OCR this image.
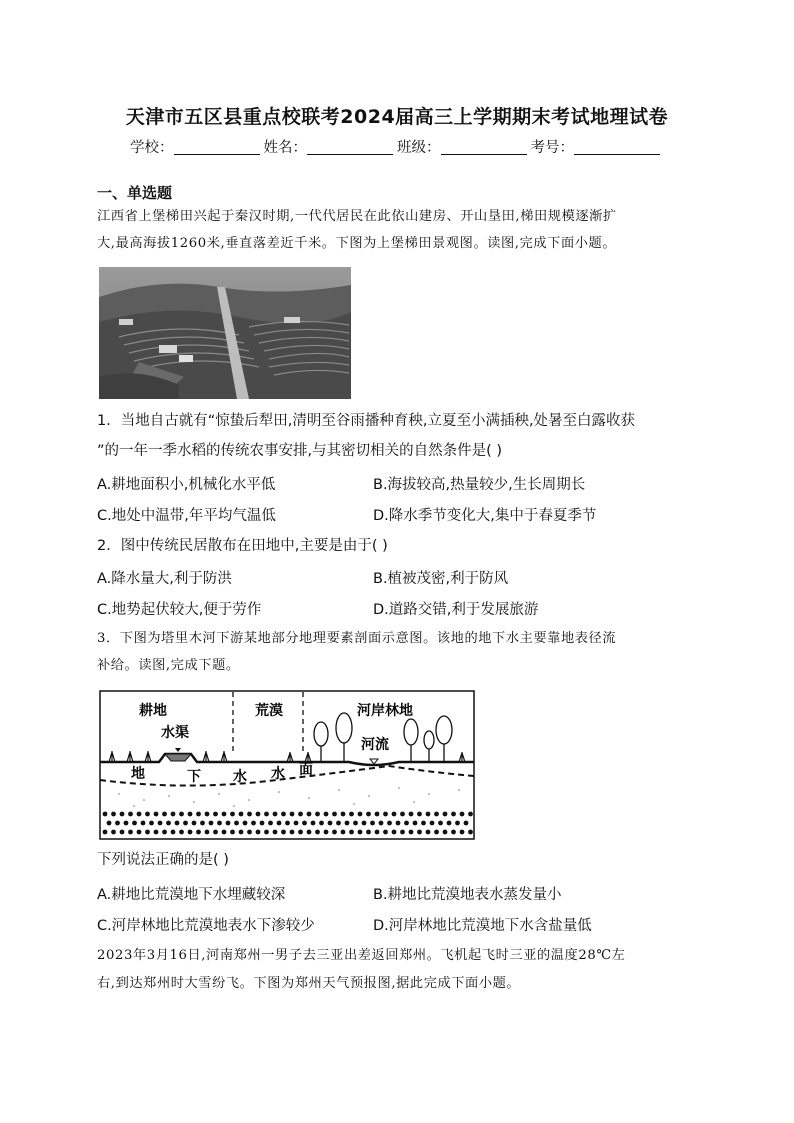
天津市五区县重点校联考2024届高三上学期期末考试地理试卷
学校：	姓名：	班级：	考号：
一、单选题
江西省上堡梯田兴起于秦汉时期,一代代居民在此依山建房、开山垦田,梯田规模逐渐扩
大,最高海拔1260米,垂直落差近千米。下图为上堡梯田景观图。读图,完成下面小题。
1．当地自古就有“惊蛰后犁田,清明至谷雨播种育秧,立夏至小满插秧,处暑至白露收获
”的一年一季水稻的传统农事安排,与其密切相关的自然条件是( )
A.耕地面积小,机械化水平低	B.海拔较高,热量较少,生长周期长
C.地处中温带,年平均气温低	D.降水季节变化大,集中于春夏季节
2．图中传统民居散布在田地中,主要是由于( )
A.降水量大,利于防洪	B.植被茂密,利于防风
C.地势起伏较大,便于劳作	D.道路交错,利于发展旅游
3．下图为塔里木河下游某地部分地理要素剖面示意图。该地的地下水主要靠地表径流
补给。读图,完成下题。
耕地	荒漠	河岸林地
水渠
河流
地	下 水 水 面
下列说法正确的是( )
A.耕地比荒漠地下水埋藏较深	B.耕地比荒漠地表水蒸发量小
C.河岸林地比荒漠地表水下渗较少	D.河岸林地比荒漠地下水含盐量低
2023年3月16日,河南郑州一男子去三亚出差返回郑州。飞机起飞时三亚的温度28℃左
右,到达郑州时大雪纷飞。下图为郑州天气预报图,据此完成下面小题。
